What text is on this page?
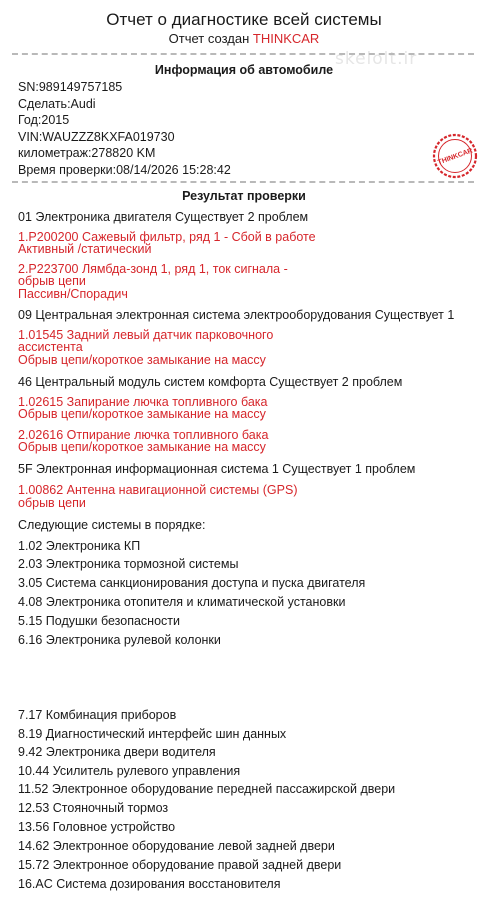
Отчет о диагностике всей системы
Отчет создан THINKCAR
skelolt.ir
Информация об автомобиле
SN:989149757185
Сделать:Audi
Год:2015
VIN:WAUZZZ8KXFA019730
километраж:278820 KM
Время проверки:08/14/2026 15:28:42
THINKCAR
Результат проверки
01 Электроника двигателя Существует 2 проблем
1.P200200 Сажевый фильтр, ряд 1 - Сбой в работе
Активный /статический
2.P223700 Лямбда-зонд 1, ряд 1, ток сигнала -
обрыв цепи
Пассивн/Спорадич
09 Центральная электронная система электрооборудования Существует 1
1.01545 Задний левый датчик парковочного
ассистента
Обрыв цепи/короткое замыкание на массу
46 Центральный модуль систем комфорта Существует 2 проблем
1.02615 Запирание лючка топливного бака
Обрыв цепи/короткое замыкание на массу
2.02616 Отпирание лючка топливного бака
Обрыв цепи/короткое замыкание на массу
5F Электронная информационная система 1 Существует 1 проблем
1.00862 Антенна навигационной системы (GPS)
обрыв цепи
Следующие системы в порядке:
1.02 Электроника КП
2.03 Электроника тормозной системы
3.05 Система санкционирования доступа и пуска двигателя
4.08 Электроника отопителя и климатической установки
5.15 Подушки безопасности
6.16 Электроника рулевой колонки
7.17 Комбинация приборов
8.19 Диагностический интерфейс шин данных
9.42 Электроника двери водителя
10.44 Усилитель рулевого управления
11.52 Электронное оборудование передней пассажирской двери
12.53 Стояночный тормоз
13.56 Головное устройство
14.62 Электронное оборудование левой задней двери
15.72 Электронное оборудование правой задней двери
16.AC Система дозирования восстановителя
